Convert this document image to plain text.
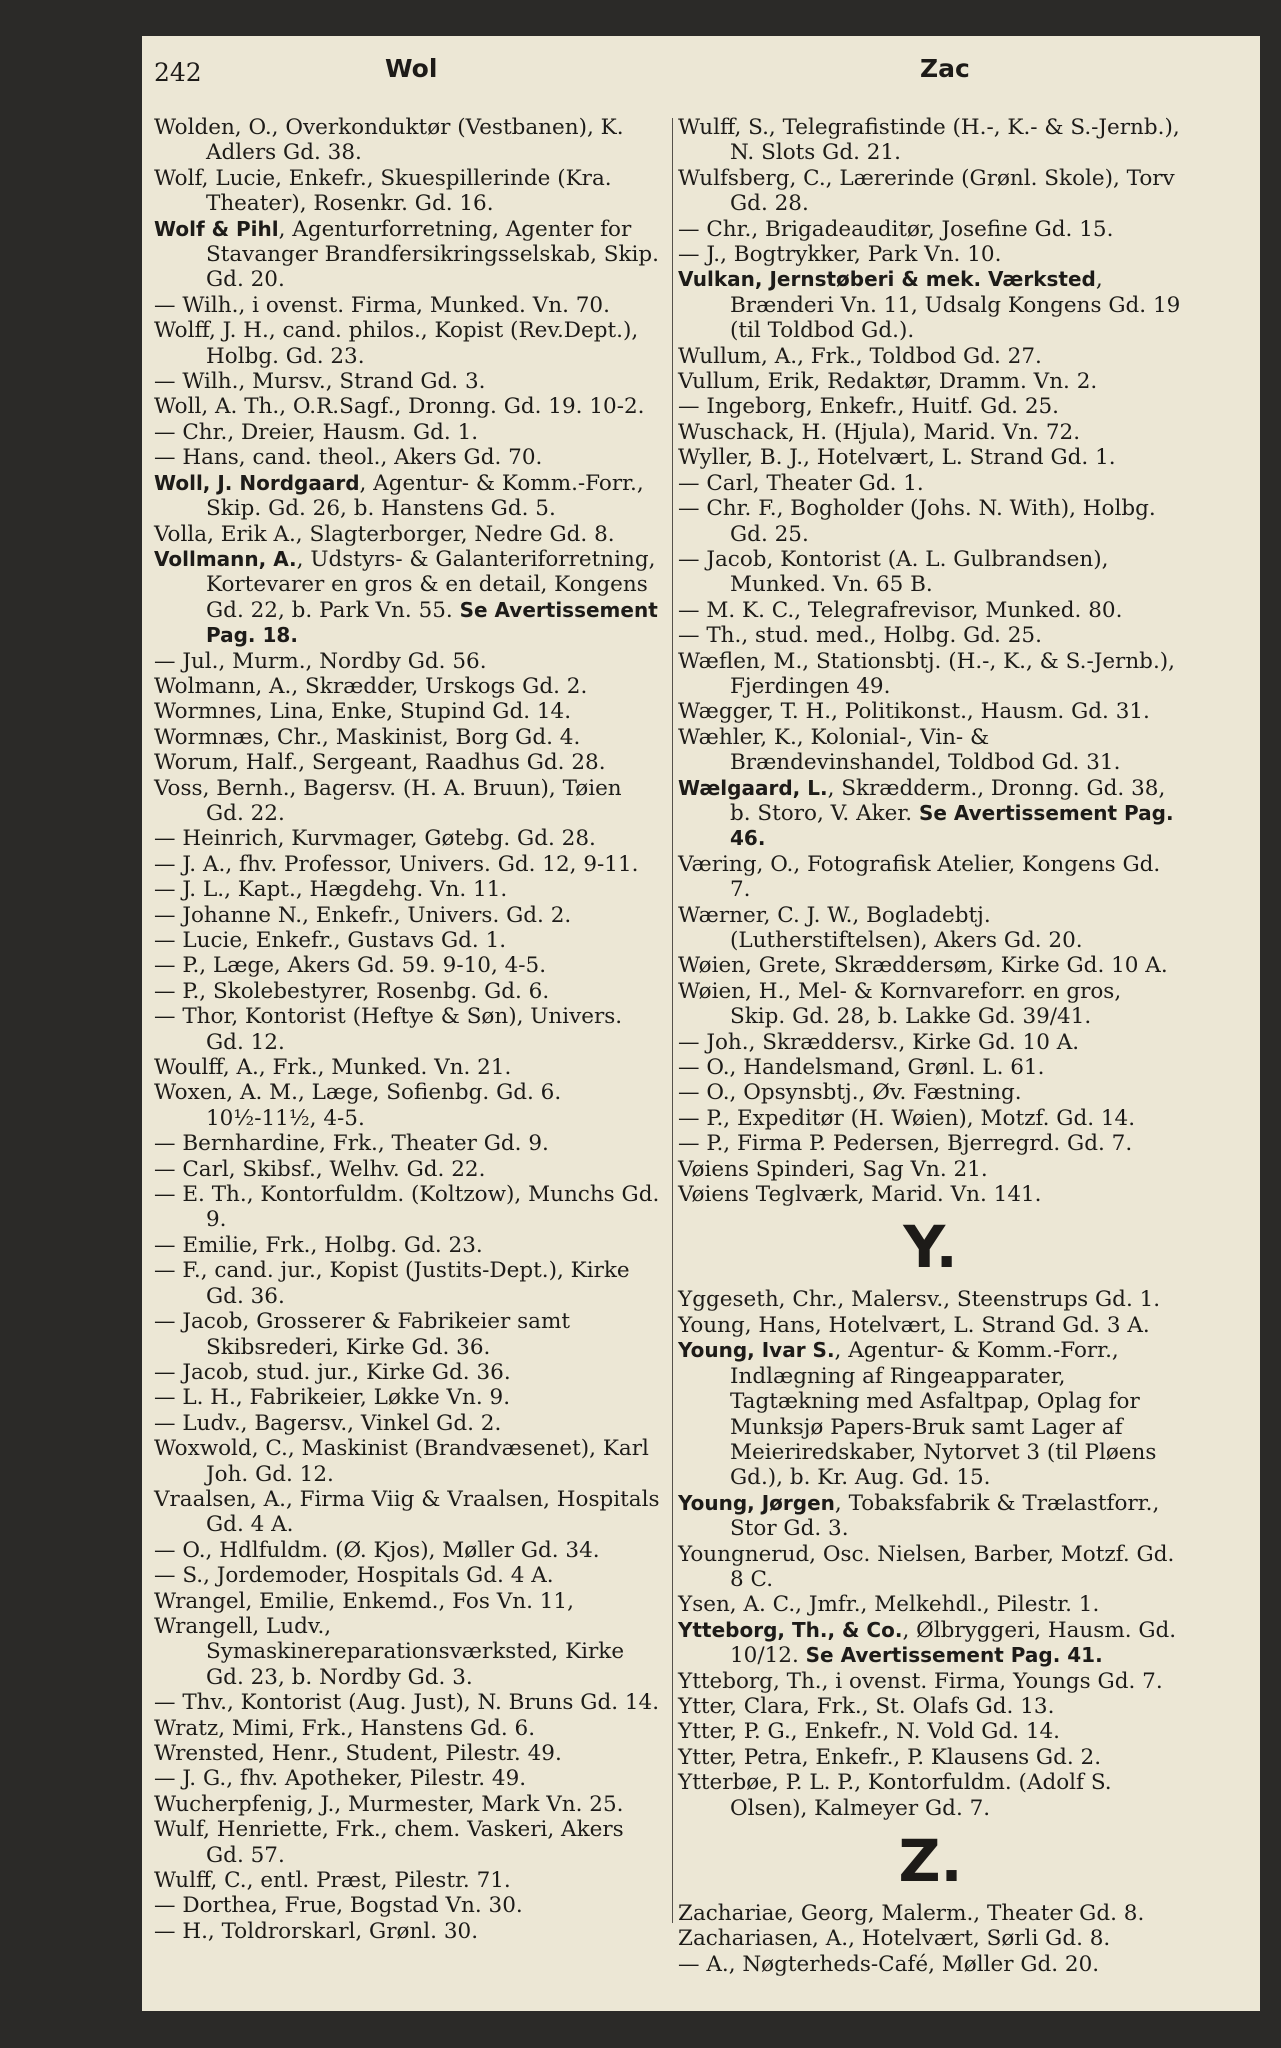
242	Wol	Zac
Wolden, O., Overkonduktør (Vestbanen), K. Adlers Gd. 38.
Wolf, Lucie, Enkefr., Skuespillerinde (Kra. Theater), Rosenkr. Gd. 16.
Wolf & Pihl, Agenturforretning, Agenter for Stavanger Brandfersikringsselskab, Skip. Gd. 20.
— Wilh., i ovenst. Firma, Munked. Vn. 70.
Wolff, J. H., cand. philos., Kopist (Rev.Dept.), Holbg. Gd. 23.
— Wilh., Mursv., Strand Gd. 3.
Woll, A. Th., O.R.Sagf., Dronng. Gd. 19. 10-2.
— Chr., Dreier, Hausm. Gd. 1.
— Hans, cand. theol., Akers Gd. 70.
Woll, J. Nordgaard, Agentur- & Komm.-Forr., Skip. Gd. 26, b. Hanstens Gd. 5.
Volla, Erik A., Slagterborger, Nedre Gd. 8.
Vollmann, A., Udstyrs- & Galanteriforretning, Kortevarer en gros & en detail, Kongens Gd. 22, b. Park Vn. 55. Se Avertissement Pag. 18.
— Jul., Murm., Nordby Gd. 56.
Wolmann, A., Skrædder, Urskogs Gd. 2.
Wormnes, Lina, Enke, Stupind Gd. 14.
Wormnæs, Chr., Maskinist, Borg Gd. 4.
Worum, Half., Sergeant, Raadhus Gd. 28.
Voss, Bernh., Bagersv. (H. A. Bruun), Tøien Gd. 22.
— Heinrich, Kurvmager, Gøtebg. Gd. 28.
— J. A., fhv. Professor, Univers. Gd. 12, 9-11.
— J. L., Kapt., Hægdehg. Vn. 11.
— Johanne N., Enkefr., Univers. Gd. 2.
— Lucie, Enkefr., Gustavs Gd. 1.
— P., Læge, Akers Gd. 59. 9-10, 4-5.
— P., Skolebestyrer, Rosenbg. Gd. 6.
— Thor, Kontorist (Heftye & Søn), Univers. Gd. 12.
Woulff, A., Frk., Munked. Vn. 21.
Woxen, A. M., Læge, Sofienbg. Gd. 6. 10½-11½, 4-5.
— Bernhardine, Frk., Theater Gd. 9.
— Carl, Skibsf., Welhv. Gd. 22.
— E. Th., Kontorfuldm. (Koltzow), Munchs Gd. 9.
— Emilie, Frk., Holbg. Gd. 23.
— F., cand. jur., Kopist (Justits-Dept.), Kirke Gd. 36.
— Jacob, Grosserer & Fabrikeier samt Skibsrederi, Kirke Gd. 36.
— Jacob, stud. jur., Kirke Gd. 36.
— L. H., Fabrikeier, Løkke Vn. 9.
— Ludv., Bagersv., Vinkel Gd. 2.
Woxwold, C., Maskinist (Brandvæsenet), Karl Joh. Gd. 12.
Vraalsen, A., Firma Viig & Vraalsen, Hospitals Gd. 4 A.
— O., Hdlfuldm. (Ø. Kjos), Møller Gd. 34.
— S., Jordemoder, Hospitals Gd. 4 A.
Wrangel, Emilie, Enkemd., Fos Vn. 11,
Wrangell, Ludv., Symaskinereparationsværksted, Kirke Gd. 23, b. Nordby Gd. 3.
— Thv., Kontorist (Aug. Just), N. Bruns Gd. 14.
Wratz, Mimi, Frk., Hanstens Gd. 6.
Wrensted, Henr., Student, Pilestr. 49.
— J. G., fhv. Apotheker, Pilestr. 49.
Wucherpfenig, J., Murmester, Mark Vn. 25.
Wulf, Henriette, Frk., chem. Vaskeri, Akers Gd. 57.
Wulff, C., entl. Præst, Pilestr. 71.
— Dorthea, Frue, Bogstad Vn. 30.
— H., Toldrorskarl, Grønl. 30.
Wulff, S., Telegrafistinde (H.-, K.- & S.-Jernb.), N. Slots Gd. 21.
Wulfsberg, C., Lærerinde (Grønl. Skole), Torv Gd. 28.
— Chr., Brigadeauditør, Josefine Gd. 15.
— J., Bogtrykker, Park Vn. 10.
Vulkan, Jernstøberi & mek. Værksted, Brænderi Vn. 11, Udsalg Kongens Gd. 19 (til Toldbod Gd.).
Wullum, A., Frk., Toldbod Gd. 27.
Vullum, Erik, Redaktør, Dramm. Vn. 2.
— Ingeborg, Enkefr., Huitf. Gd. 25.
Wuschack, H. (Hjula), Marid. Vn. 72.
Wyller, B. J., Hotelvært, L. Strand Gd. 1.
— Carl, Theater Gd. 1.
— Chr. F., Bogholder (Johs. N. With), Holbg. Gd. 25.
— Jacob, Kontorist (A. L. Gulbrandsen), Munked. Vn. 65 B.
— M. K. C., Telegrafrevisor, Munked. 80.
— Th., stud. med., Holbg. Gd. 25.
Wæflen, M., Stationsbtj. (H.-, K., & S.-Jernb.), Fjerdingen 49.
Wægger, T. H., Politikonst., Hausm. Gd. 31.
Wæhler, K., Kolonial-, Vin- & Brændevinshandel, Toldbod Gd. 31.
Wælgaard, L., Skrædderm., Dronng. Gd. 38, b. Storo, V. Aker. Se Avertissement Pag. 46.
Væring, O., Fotografisk Atelier, Kongens Gd. 7.
Wærner, C. J. W., Bogladebtj. (Lutherstiftelsen), Akers Gd. 20.
Wøien, Grete, Skræddersøm, Kirke Gd. 10 A.
Wøien, H., Mel- & Kornvareforr. en gros, Skip. Gd. 28, b. Lakke Gd. 39/41.
— Joh., Skræddersv., Kirke Gd. 10 A.
— O., Handelsmand, Grønl. L. 61.
— O., Opsynsbtj., Øv. Fæstning.
— P., Expeditør (H. Wøien), Motzf. Gd. 14.
— P., Firma P. Pedersen, Bjerregrd. Gd. 7.
Vøiens Spinderi, Sag Vn. 21.
Vøiens Teglværk, Marid. Vn. 141.
Y.
Yggeseth, Chr., Malersv., Steenstrups Gd. 1.
Young, Hans, Hotelvært, L. Strand Gd. 3 A.
Young, Ivar S., Agentur- & Komm.-Forr., Indlægning af Ringeapparater, Tagtækning med Asfaltpap, Oplag for Munksjø Papers-Bruk samt Lager af Meieriredskaber, Nytorvet 3 (til Pløens Gd.), b. Kr. Aug. Gd. 15.
Young, Jørgen, Tobaksfabrik & Trælastforr., Stor Gd. 3.
Youngnerud, Osc. Nielsen, Barber, Motzf. Gd. 8 C.
Ysen, A. C., Jmfr., Melkehdl., Pilestr. 1.
Ytteborg, Th., & Co., Ølbryggeri, Hausm. Gd. 10/12. Se Avertissement Pag. 41.
Ytteborg, Th., i ovenst. Firma, Youngs Gd. 7.
Ytter, Clara, Frk., St. Olafs Gd. 13.
Ytter, P. G., Enkefr., N. Vold Gd. 14.
Ytter, Petra, Enkefr., P. Klausens Gd. 2.
Ytterbøe, P. L. P., Kontorfuldm. (Adolf S. Olsen), Kalmeyer Gd. 7.
Z.
Zachariae, Georg, Malerm., Theater Gd. 8.
Zachariasen, A., Hotelvært, Sørli Gd. 8.
— A., Nøgterheds-Café, Møller Gd. 20.
